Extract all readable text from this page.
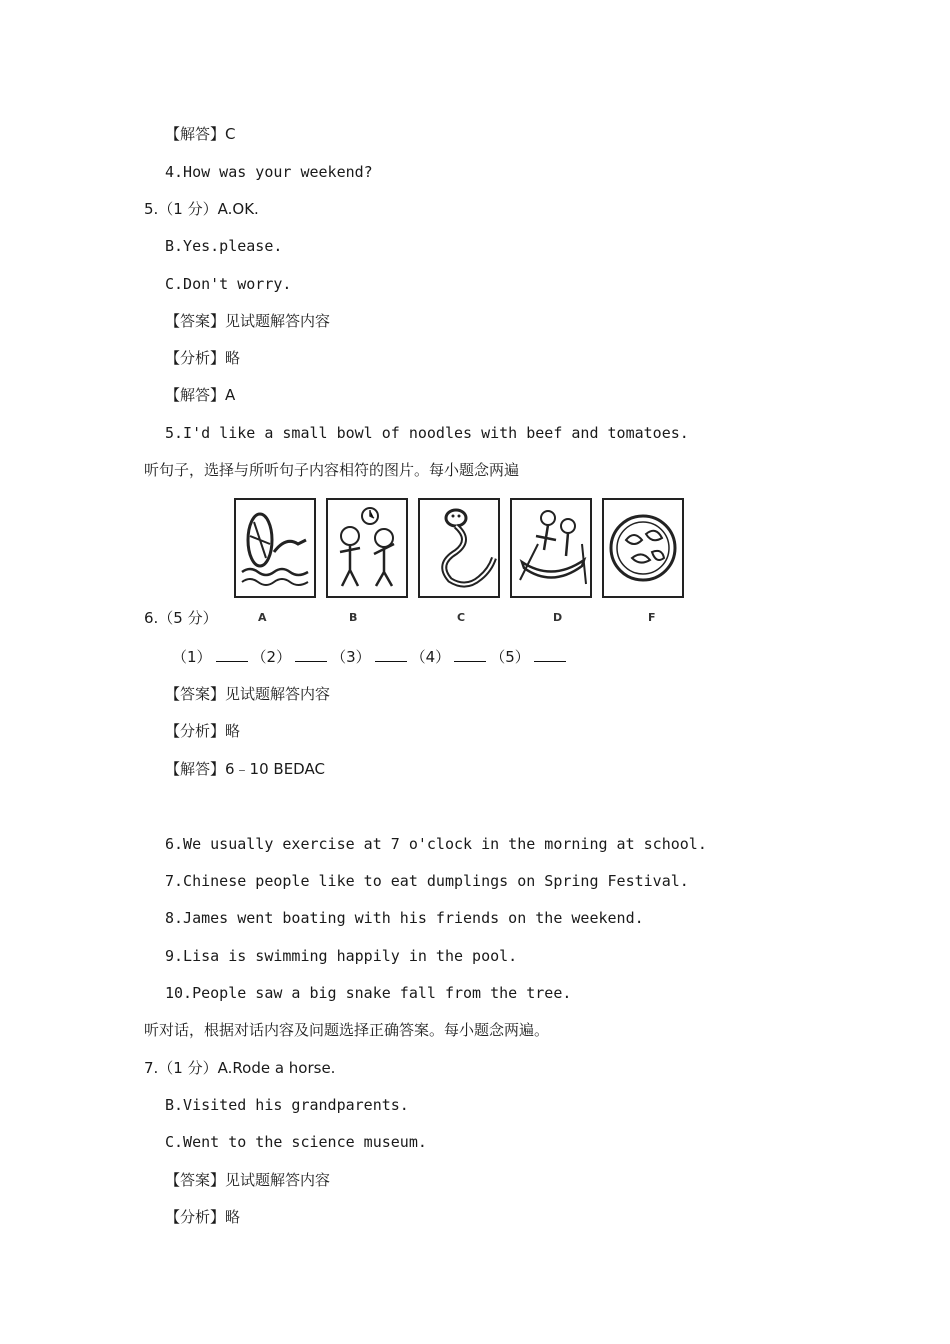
【解答】C
4.How was your weekend?
5.（1 分）A.OK.
B.Yes.please.
C.Don't worry.
【答案】见试题解答内容
【分析】略
【解答】A
5.I'd like a small bowl of noodles with beef and tomatoes.
听句子，选择与所听句子内容相符的图片。每小题念两遍
A	B	C	D	F
6.（5 分）
（1）	（2）	（3）	（4）	（5）
【答案】见试题解答内容
【分析】略
【解答】6﹣10 BEDAC
6.We usually exercise at 7 o'clock in the morning at school.
7.Chinese people like to eat dumplings on Spring Festival.
8.James went boating with his friends on the weekend.
9.Lisa is swimming happily in the pool.
10.People saw a big snake fall from the tree.
听对话，根据对话内容及问题选择正确答案。每小题念两遍。
7.（1 分）A.Rode a horse.
B.Visited his grandparents.
C.Went to the science museum.
【答案】见试题解答内容
【分析】略
